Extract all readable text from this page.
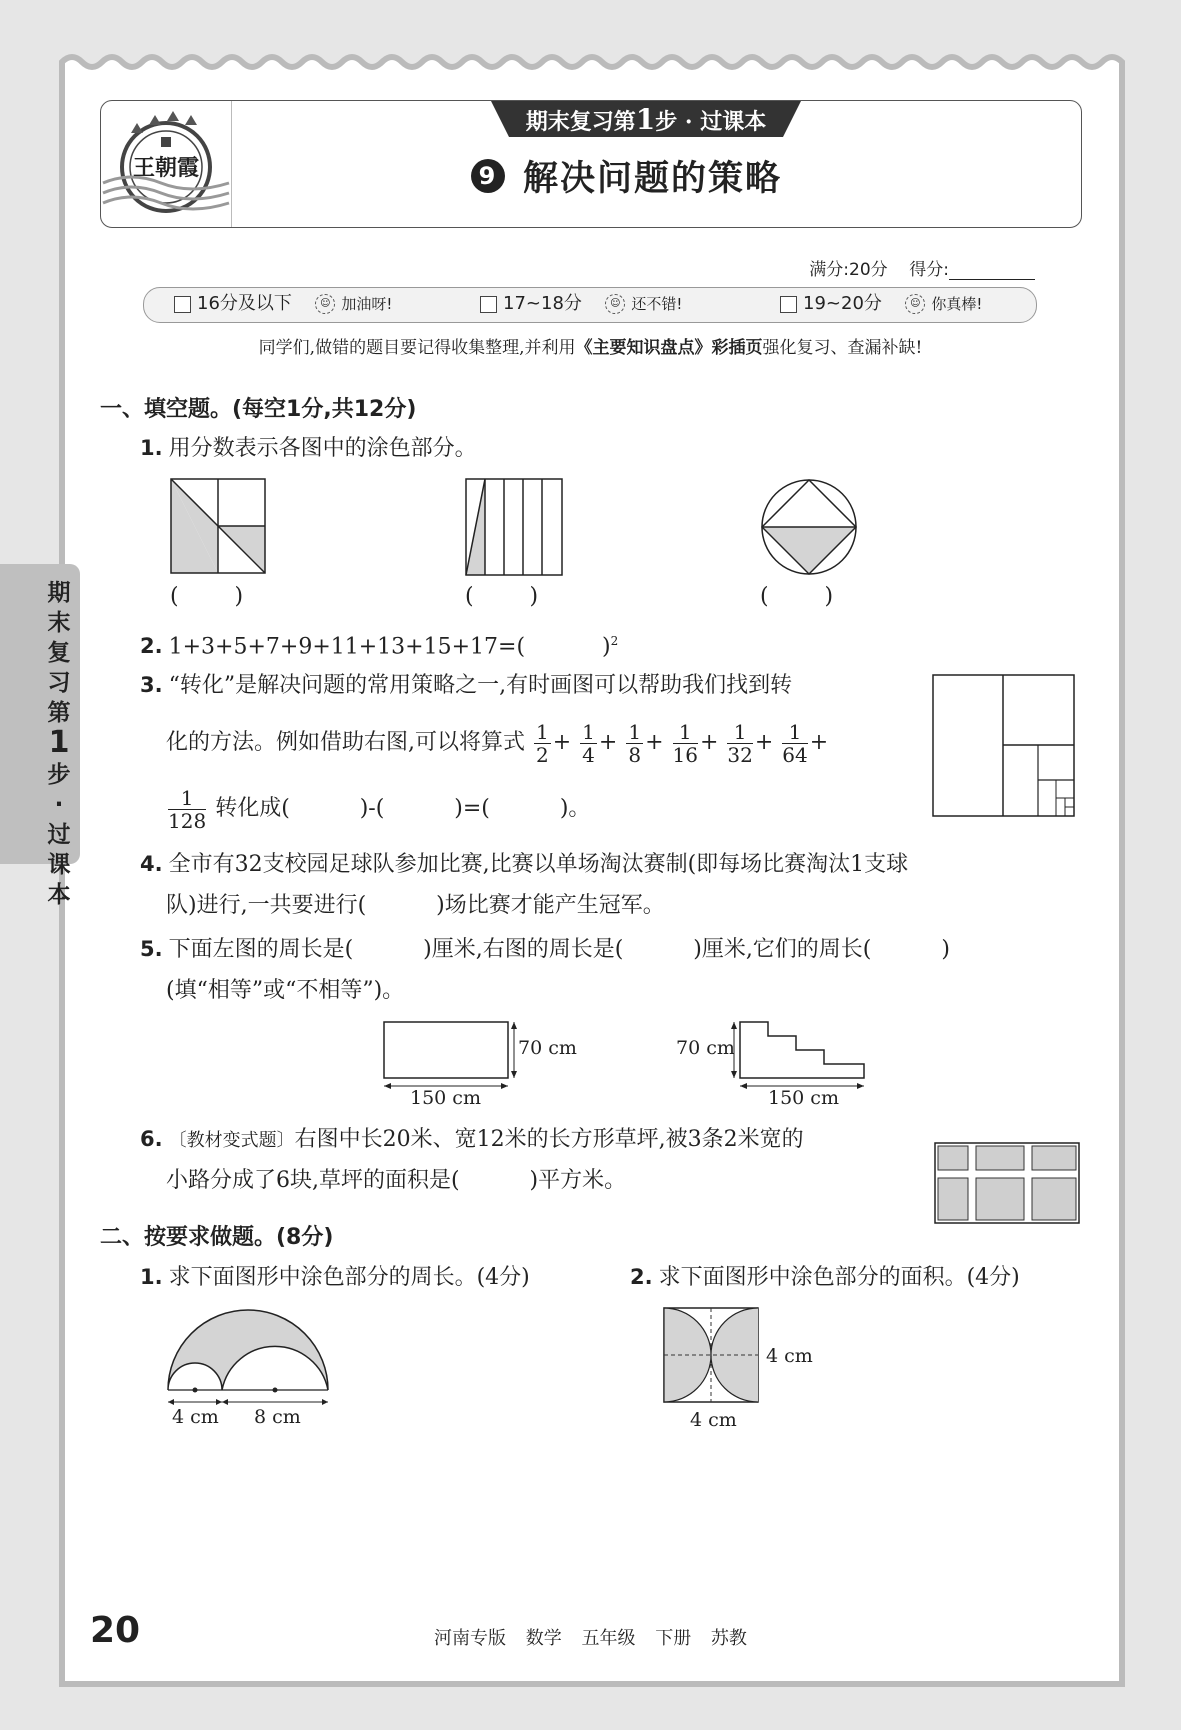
王朝霞
期末复习第1步 · 过课本
9 解决问题的策略
满分:20分 得分:
16分及以下
	☺ 加油呀!	17~18分
	☺ 还不错!	19~20分
	☺ 你真棒!
同学们,做错的题目要记得收集整理,并利用《主要知识盘点》彩插页强化复习、查漏补缺!
期末复习第
1
步·过课本
一、填空题。(每空1分,共12分)
1. 用分数表示各图中的涂色部分。
(        )	(        )	(        )
2. 1+3+5+7+9+11+13+15+17=(	)$^2$
3. “转化”是解决问题的常用策略之一,有时画图可以帮助我们找到转
化的方法。例如借助右图,可以将算式 $\frac{1}{2} + \frac{1}{4} + \frac{1}{8} + \frac{1}{16} + \frac{1}{32} + \frac{1}{64}$ +
$\frac{1}{128}$ 转化成(	)-(	)=(	)。
4. 全市有32支校园足球队参加比赛,比赛以单场淘汰赛制(即每场比赛淘汰1支球
队)进行,一共要进行(	)场比赛才能产生冠军。
5. 下面左图的周长是(	)厘米,右图的周长是(	)厘米,它们的周长(	)
(填“相等”或“不相等”)。
70 cm
150 cm
70 cm
150 cm
6. 〔教材变式题〕右图中长20米、宽12米的长方形草坪,被3条2米宽的
小路分成了6块,草坪的面积是(	)平方米。
二、按要求做题。(8分)
1. 求下面图形中涂色部分的周长。(4分)	2. 求下面图形中涂色部分的面积。(4分)
4 cm 8 cm
4 cm
4 cm
20	河南专版 数学 五年级 下册 苏教
